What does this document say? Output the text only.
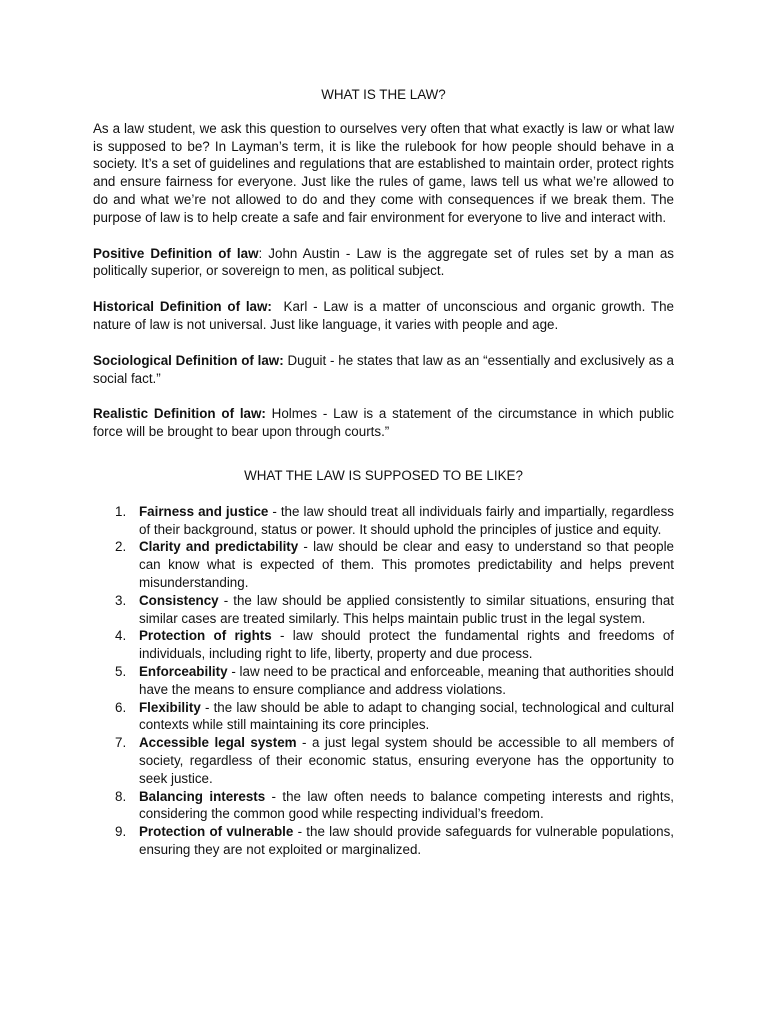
WHAT IS THE LAW?

As a law student, we ask this question to ourselves very often that what exactly is law or what law is supposed to be? In Layman’s term, it is like the rulebook for how people should behave in a society. It’s a set of guidelines and regulations that are established to maintain order, protect rights and ensure fairness for everyone. Just like the rules of game, laws tell us what we’re allowed to do and what we’re not allowed to do and they come with consequences if we break them. The purpose of law is to help create a safe and fair environment for everyone to live and interact with.

Positive Definition of law: John Austin - Law is the aggregate set of rules set by a man as politically superior, or sovereign to men, as political subject.
Historical Definition of law: Karl - Law is a matter of unconscious and organic growth. The nature of law is not universal. Just like language, it varies with people and age.
Sociological Definition of law: Duguit - he states that law as an “essentially and exclusively as a social fact.”
Realistic Definition of law: Holmes - Law is a statement of the circumstance in which public force will be brought to bear upon through courts.”
WHAT THE LAW IS SUPPOSED TO BE LIKE?
1. Fairness and justice - the law should treat all individuals fairly and impartially, regardless of their background, status or power. It should uphold the principles of justice and equity.
2. Clarity and predictability - law should be clear and easy to understand so that people can know what is expected of them. This promotes predictability and helps prevent misunderstanding.
3. Consistency - the law should be applied consistently to similar situations, ensuring that similar cases are treated similarly. This helps maintain public trust in the legal system.
4. Protection of rights - law should protect the fundamental rights and freedoms of individuals, including right to life, liberty, property and due process.
5. Enforceability - law need to be practical and enforceable, meaning that authorities should have the means to ensure compliance and address violations.
6. Flexibility - the law should be able to adapt to changing social, technological and cultural contexts while still maintaining its core principles.
7. Accessible legal system - a just legal system should be accessible to all members of society, regardless of their economic status, ensuring everyone has the opportunity to seek justice.
8. Balancing interests - the law often needs to balance competing interests and rights, considering the common good while respecting individual’s freedom.
9. Protection of vulnerable - the law should provide safeguards for vulnerable populations, ensuring they are not exploited or marginalized.
